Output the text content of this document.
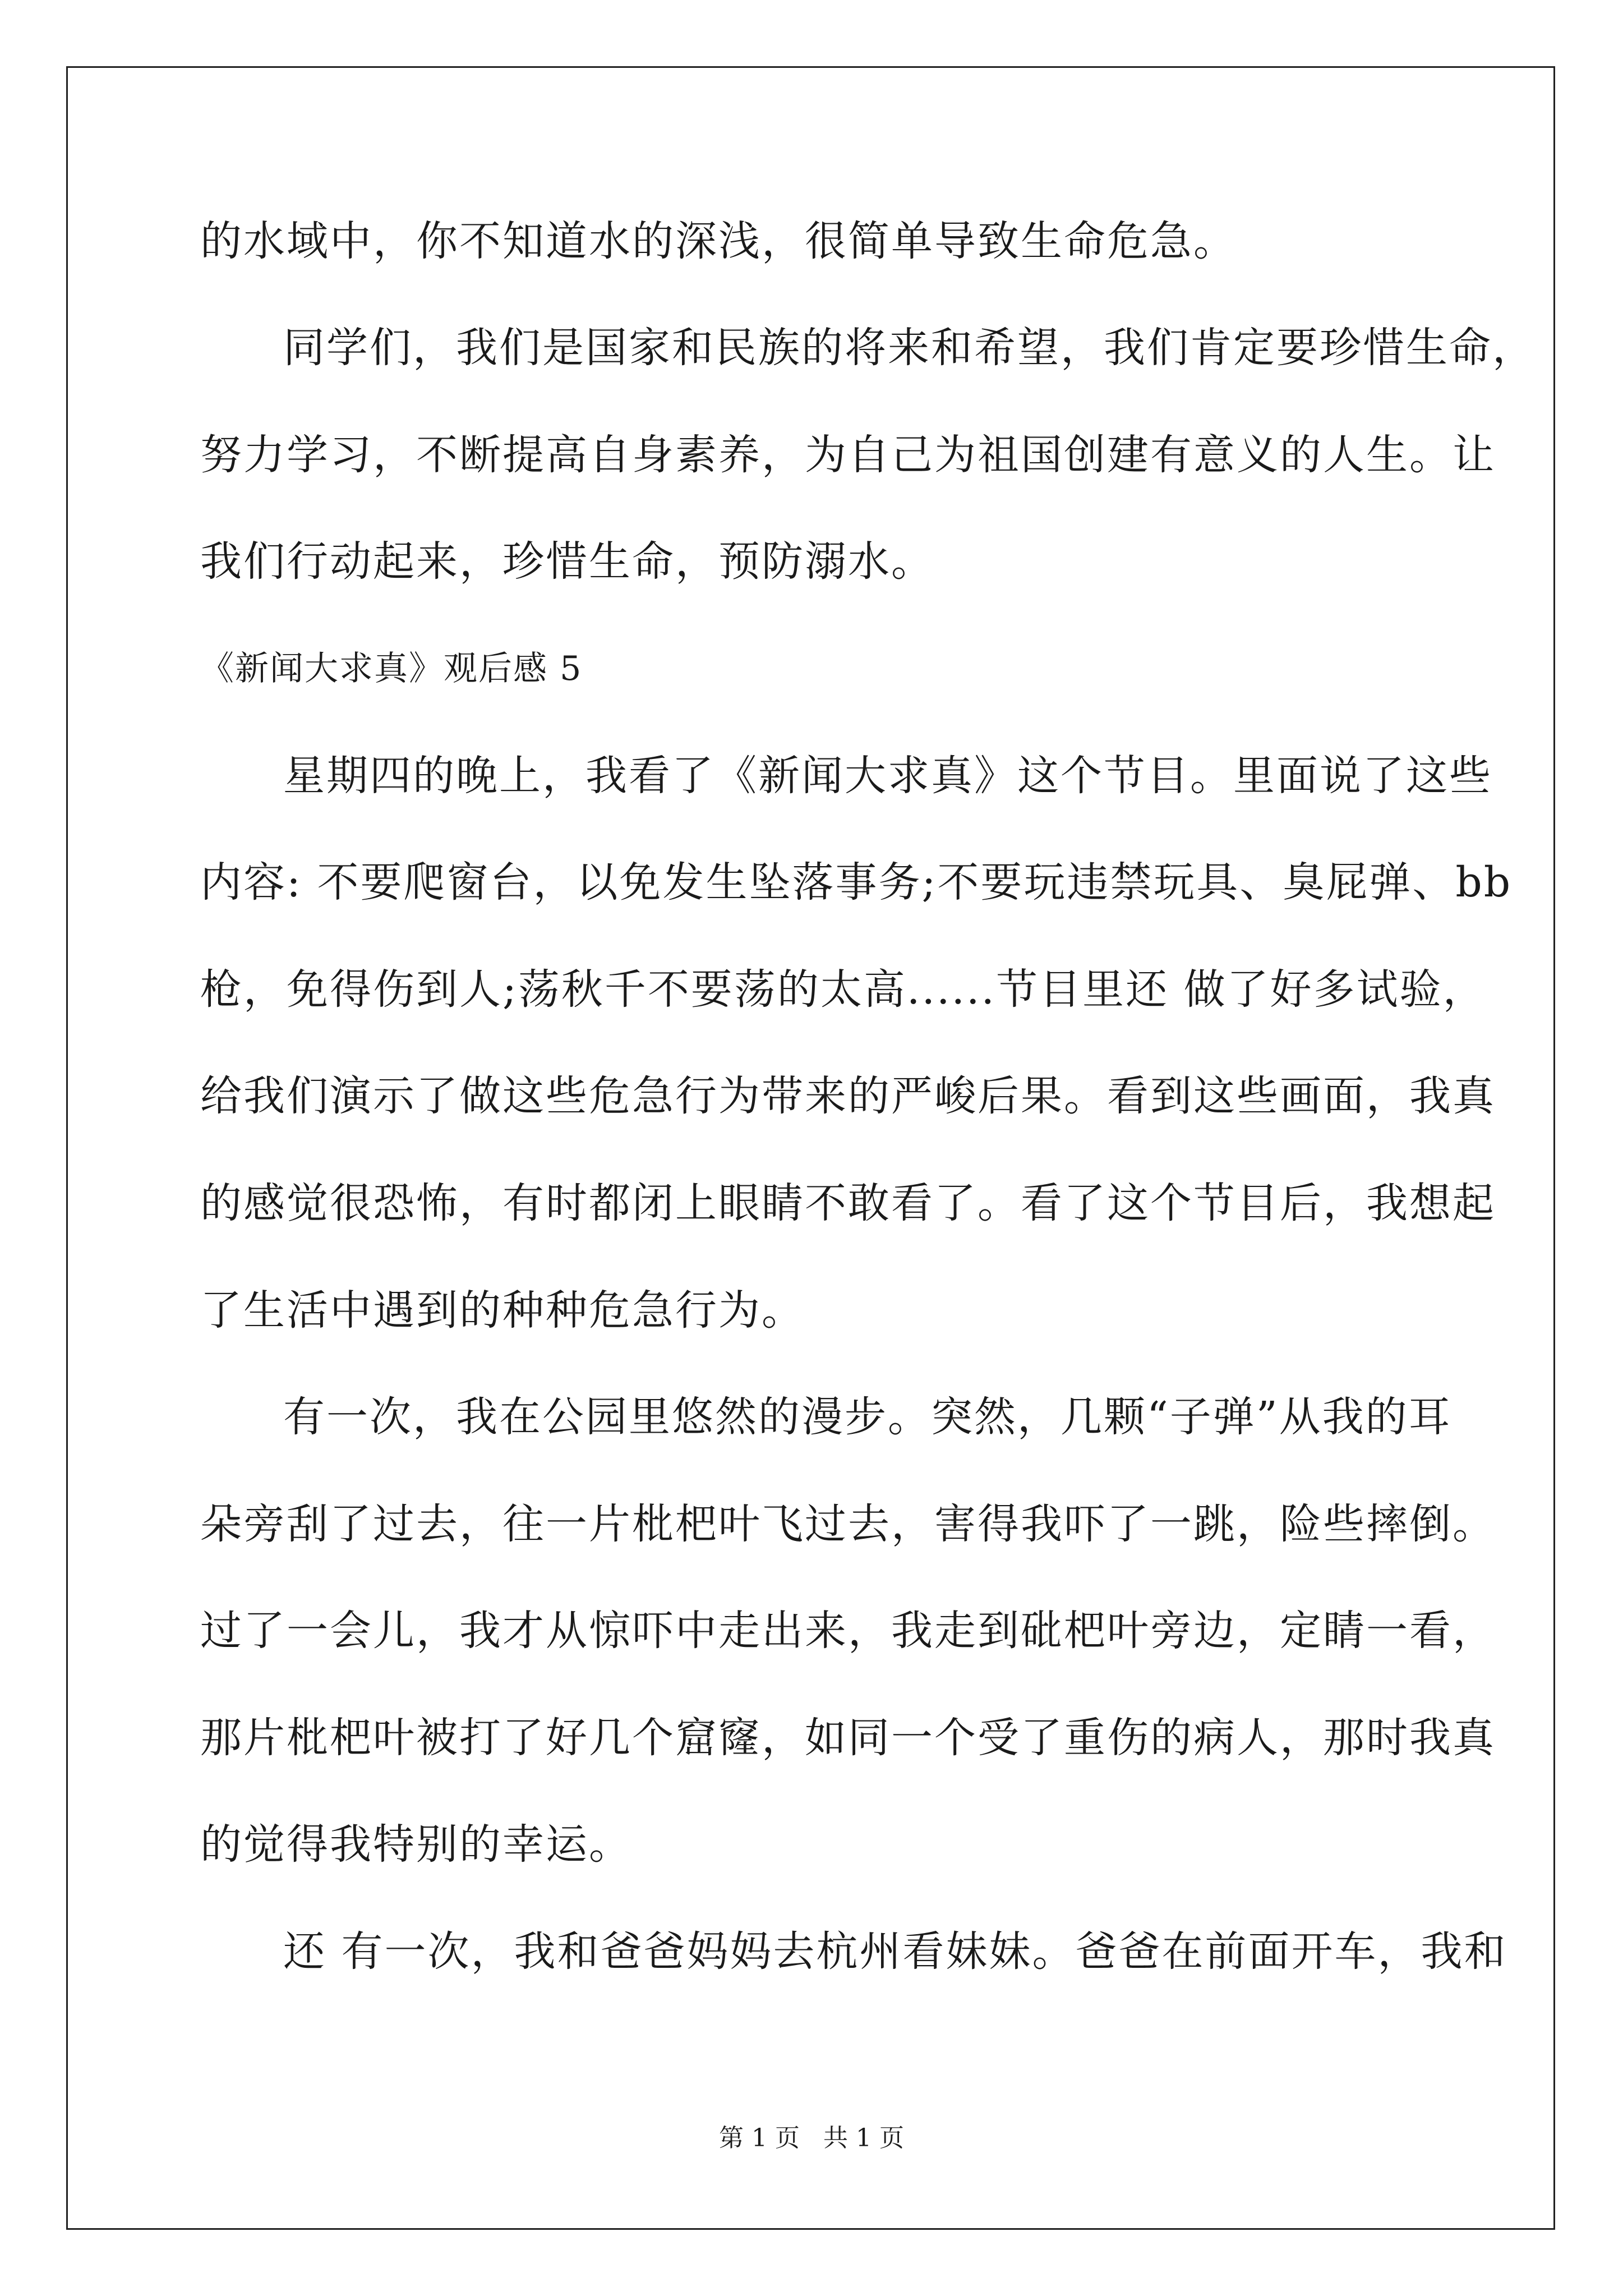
的水域中，你不知道水的深浅，很简单导致生命危急。
同学们，我们是国家和民族的将来和希望，我们肯定要珍惜生命，
努力学习，不断提高自身素养，为自己为祖国创建有意义的人生。让
我们行动起来，珍惜生命，预防溺水。
《新闻大求真》观后感 5
星期四的晚上，我看了《新闻大求真》这个节目。里面说了这些
内容: 不要爬窗台，以免发生坠落事务;不要玩违禁玩具、臭屁弹、bb
枪，免得伤到人;荡秋千不要荡的太高......节目里还 做了好多试验，
给我们演示了做这些危急行为带来的严峻后果。看到这些画面，我真
的感觉很恐怖，有时都闭上眼睛不敢看了。看了这个节目后，我想起
了生活中遇到的种种危急行为。
有一次，我在公园里悠然的漫步。突然，几颗“子弹”从我的耳
朵旁刮了过去，往一片枇杷叶飞过去，害得我吓了一跳，险些摔倒。
过了一会儿，我才从惊吓中走出来，我走到砒杷叶旁边，定睛一看，
那片枇杷叶被打了好几个窟窿，如同一个受了重伤的病人，那时我真
的觉得我特别的幸运。
还 有一次，我和爸爸妈妈去杭州看妹妹。爸爸在前面开车，我和
第 1 页   共 1 页
